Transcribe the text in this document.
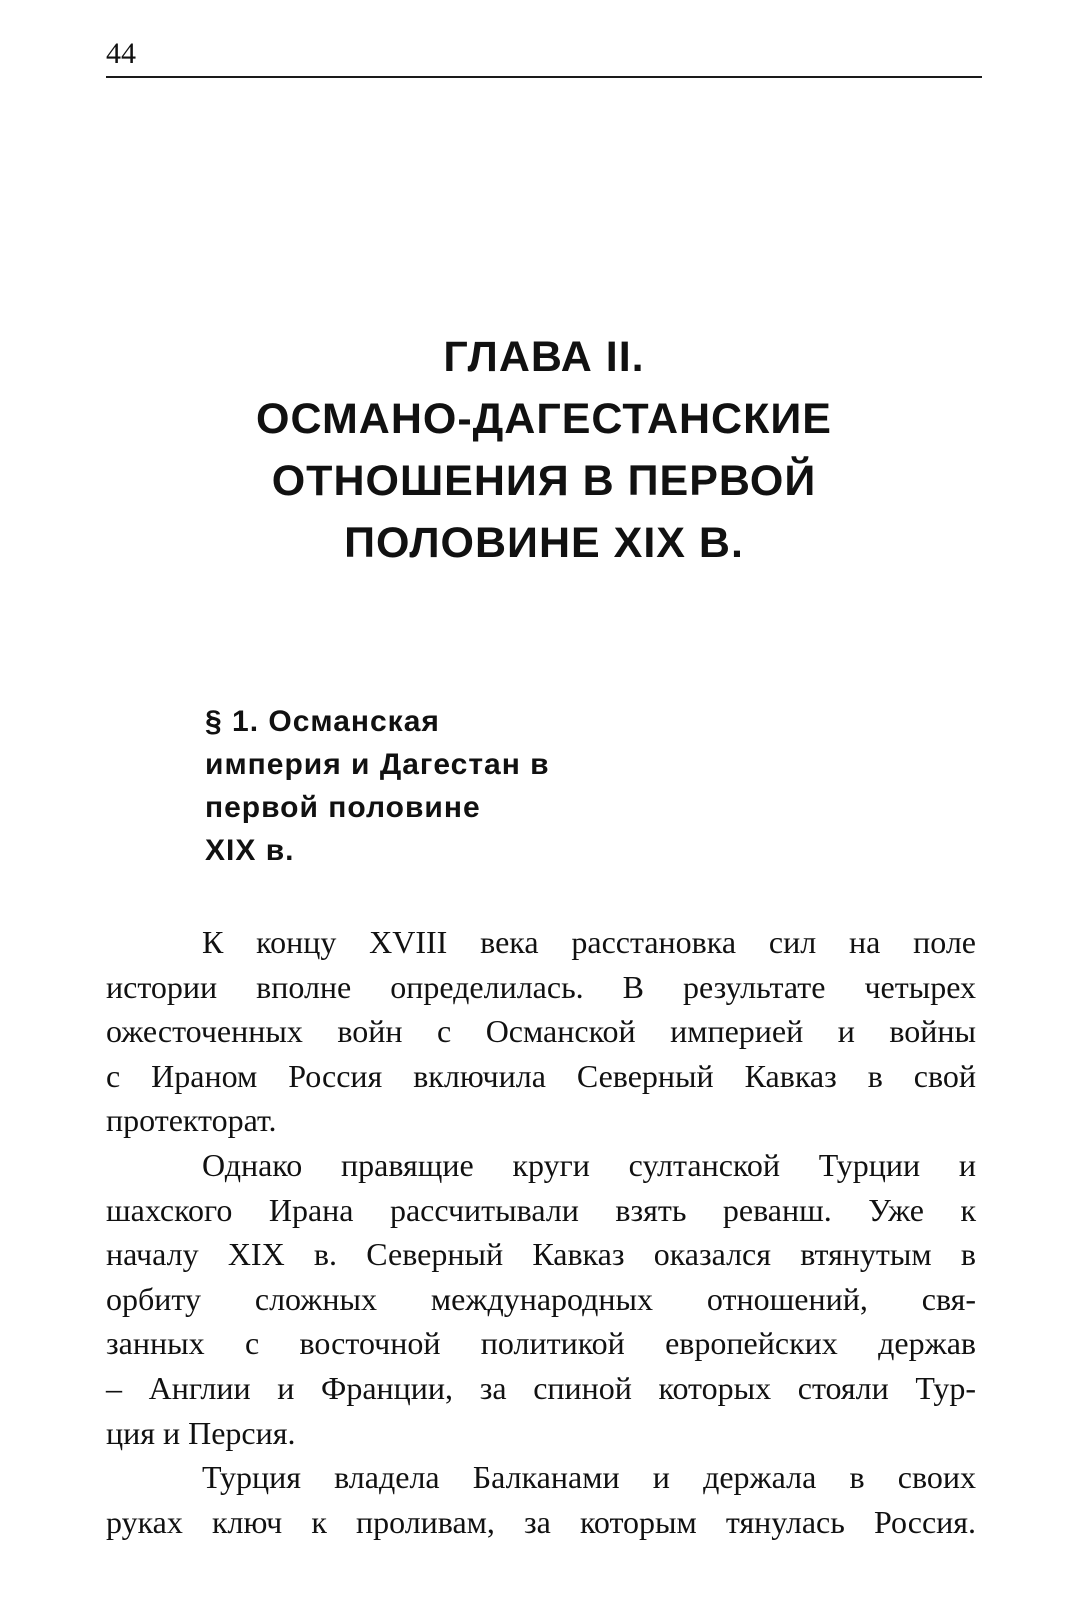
44
ГЛАВА II.
ОСМАНО-ДАГЕСТАНСКИЕ
ОТНОШЕНИЯ В ПЕРВОЙ
ПОЛОВИНЕ XIX В.
§ 1. Османская
империя и Дагестан в
первой половине
XIX в.
К концу XVIII века расстановка сил на поле
истории вполне определилась. В результате четырех
ожесточенных войн с Османской империей и войны
с Ираном Россия включила Северный Кавказ в свой
протекторат.
Однако правящие круги султанской Турции и
шахского Ирана рассчитывали взять реванш. Уже к
началу XIX в. Северный Кавказ оказался втянутым в
орбиту сложных международных отношений, свя-
занных с восточной политикой европейских держав
– Англии и Франции, за спиной которых стояли Тур-
ция и Персия.
Турция владела Балканами и держала в своих
руках ключ к проливам, за которым тянулась Россия.
